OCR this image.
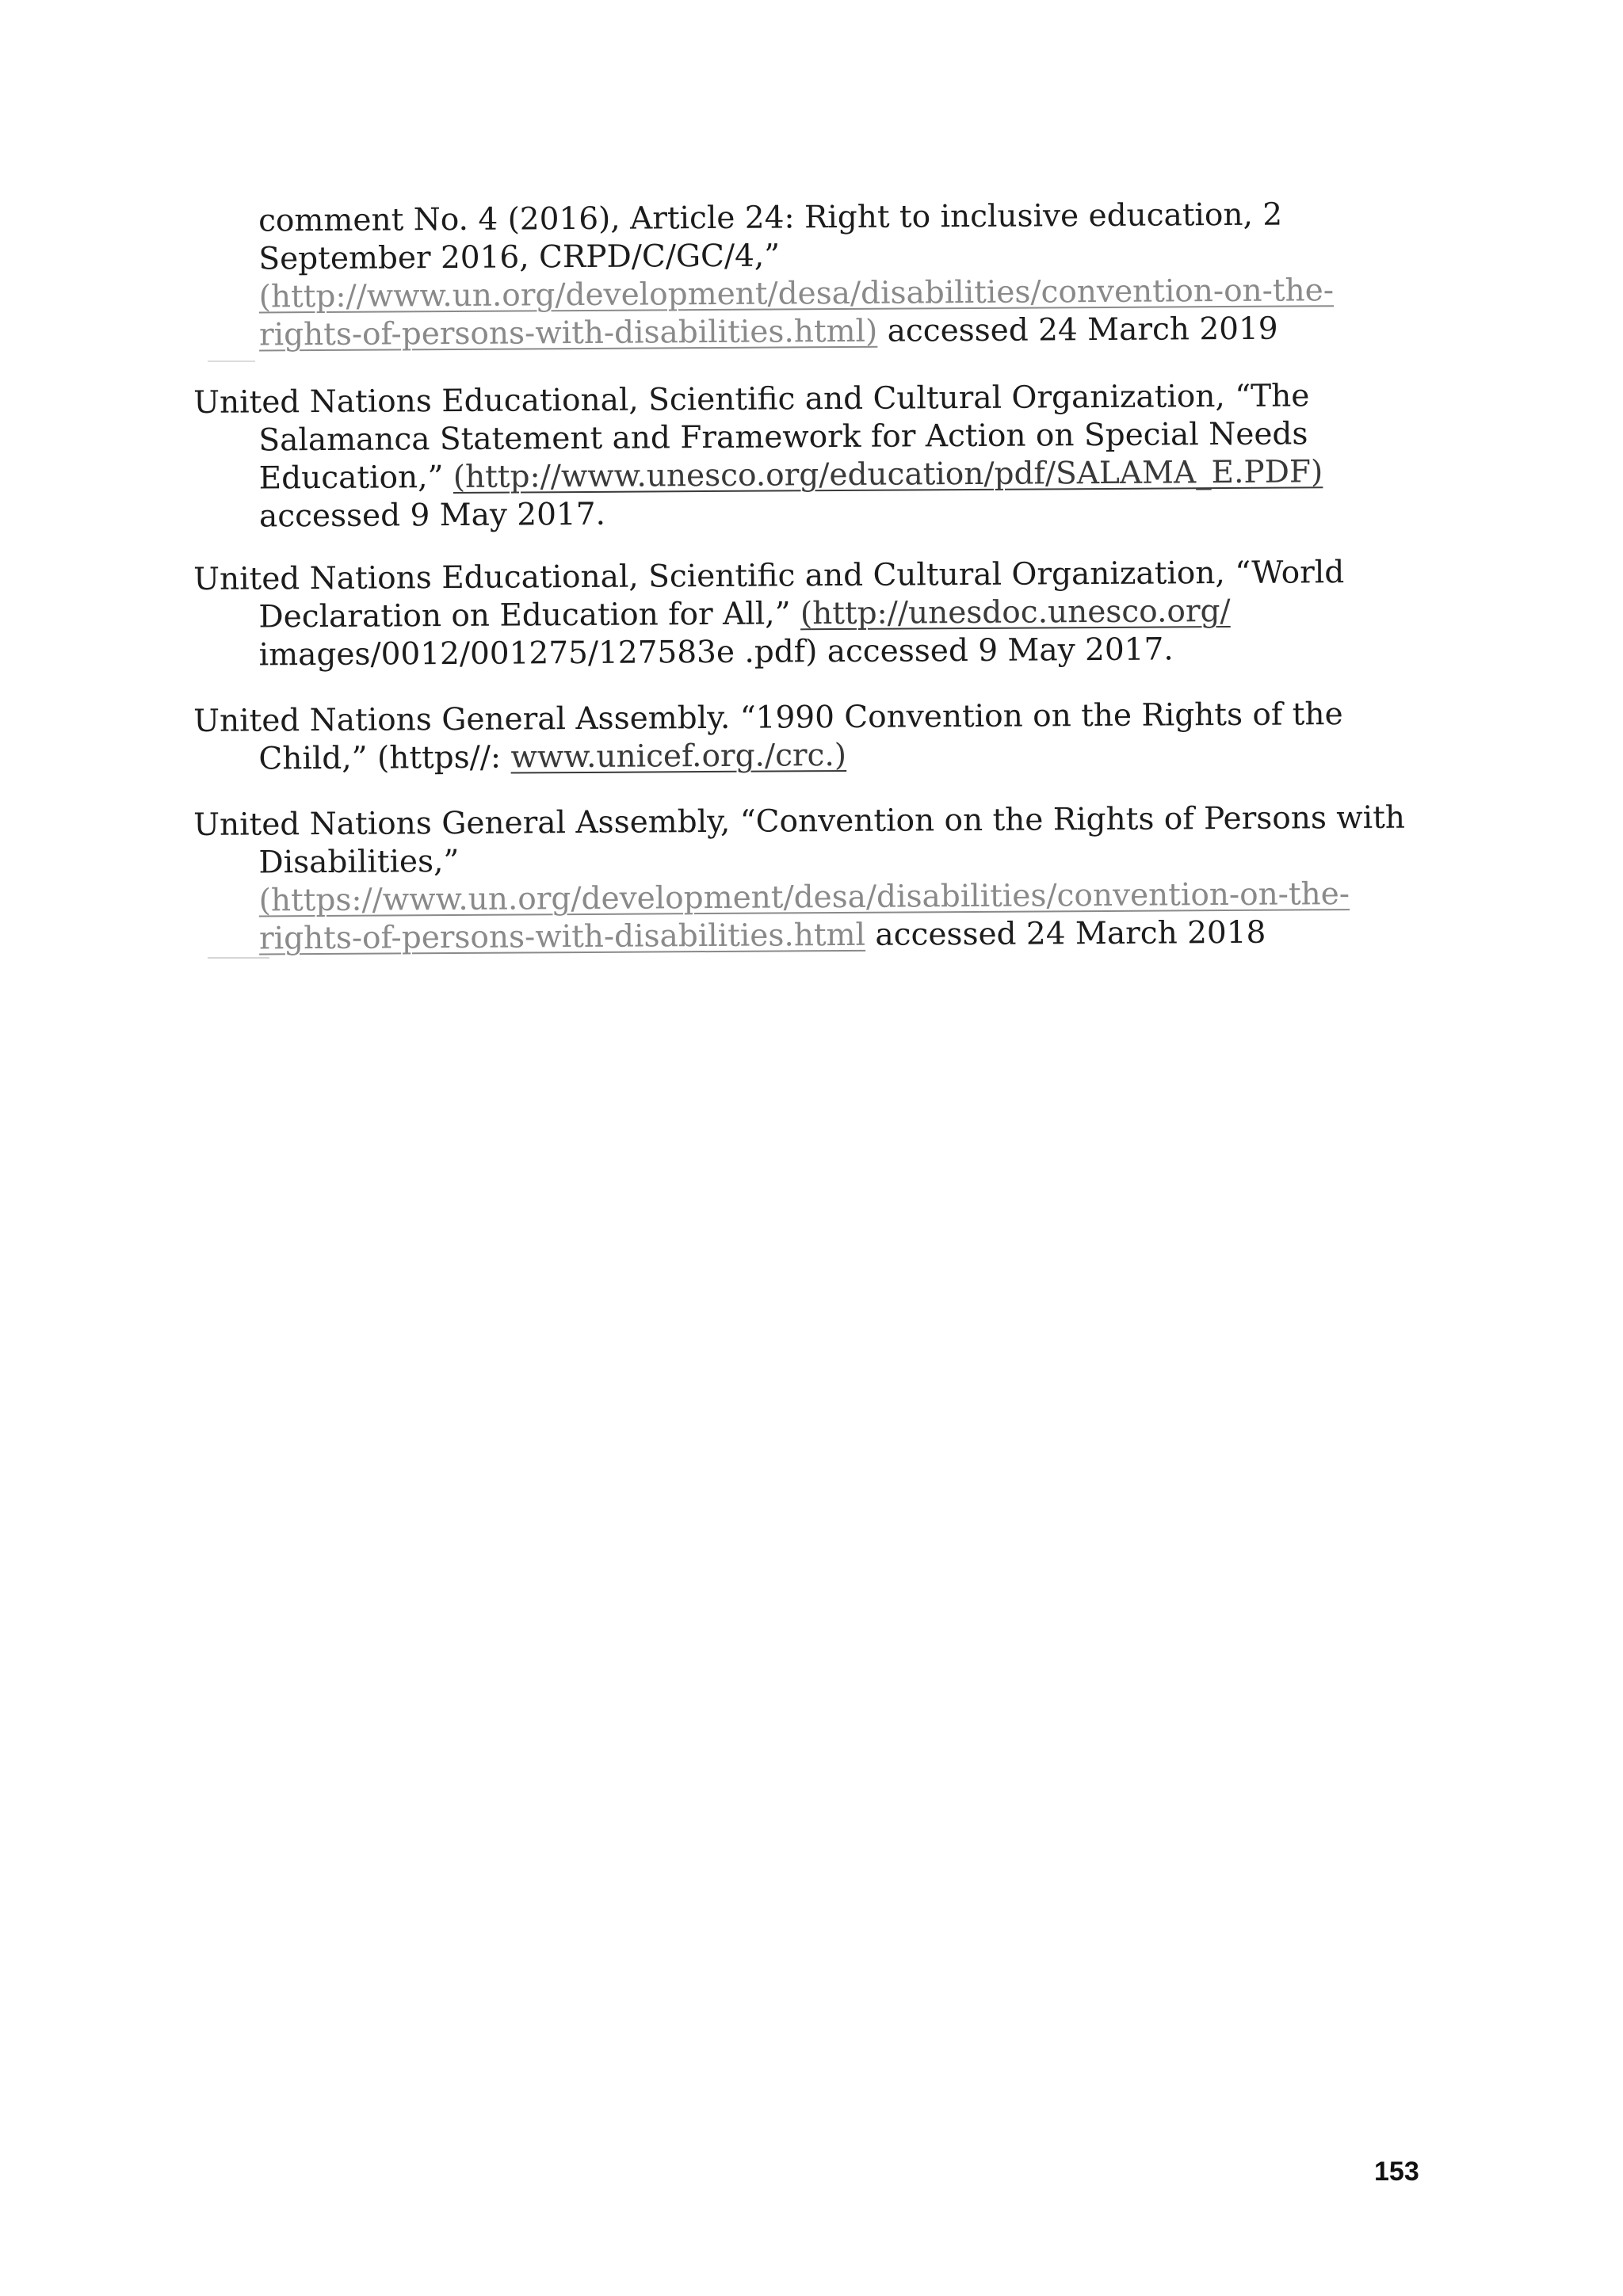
comment No. 4 (2016), Article 24: Right to inclusive education, 2
September 2016, CRPD/C/GC/4,”
(http://www.un.org/development/desa/disabilities/convention-on-the-
rights-of-persons-with-disabilities.html) accessed 24 March 2019
United Nations Educational, Scientific and Cultural Organization, “The
Salamanca Statement and Framework for Action on Special Needs
Education,” (http://www.unesco.org/education/pdf/SALAMA_E.PDF)
accessed 9 May 2017.
United Nations Educational, Scientific and Cultural Organization, “World
Declaration on Education for All,” (http://unesdoc.unesco.org/
images/0012/001275/127583e .pdf) accessed 9 May 2017.
United Nations General Assembly. “1990 Convention on the Rights of the
Child,” (https//: www.unicef.org./crc.)
United Nations General Assembly, “Convention on the Rights of Persons with
Disabilities,”
(https://www.un.org/development/desa/disabilities/convention-on-the-
rights-of-persons-with-disabilities.html accessed 24 March 2018
153
